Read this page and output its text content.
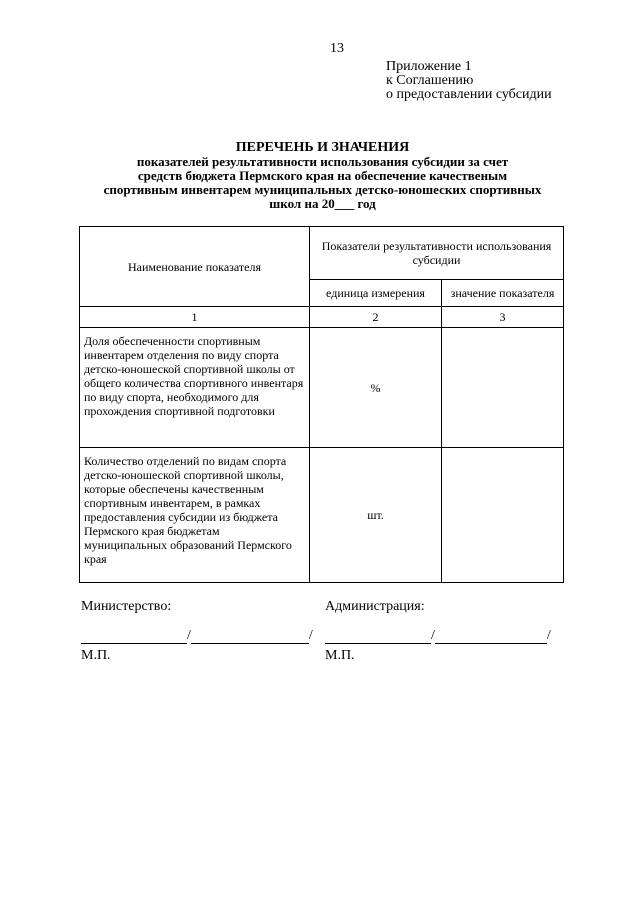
13
Приложение 1
к Соглашению
о предоставлении субсидии
ПЕРЕЧЕНЬ И ЗНАЧЕНИЯ
показателей результативности использования субсидии за счет
средств бюджета Пермского края на обеспечение качественым
спортивным инвентарем муниципальных детско-юношеских спортивных
школ на 20___ год
Наименование показателя	Показатели результативности использования субсидии	
	единица измерения	значение показателя
1	2	3
Доля обеспеченности спортивным инвентарем отделения по виду спорта детско-юношеской спортивной школы от общего количества спортивного инвентаря по виду спорта, необходимого для прохождения спортивной подготовки	%	
Количество отделений по видам спорта детско-юношеской спортивной школы, которые обеспечены качественным спортивным инвентарем, в рамках предоставления субсидии из бюджета Пермского края бюджетам муниципальных образований Пермского края	шт.	
Министерство:	Администрация:
/	/	/	/
М.П.	М.П.
